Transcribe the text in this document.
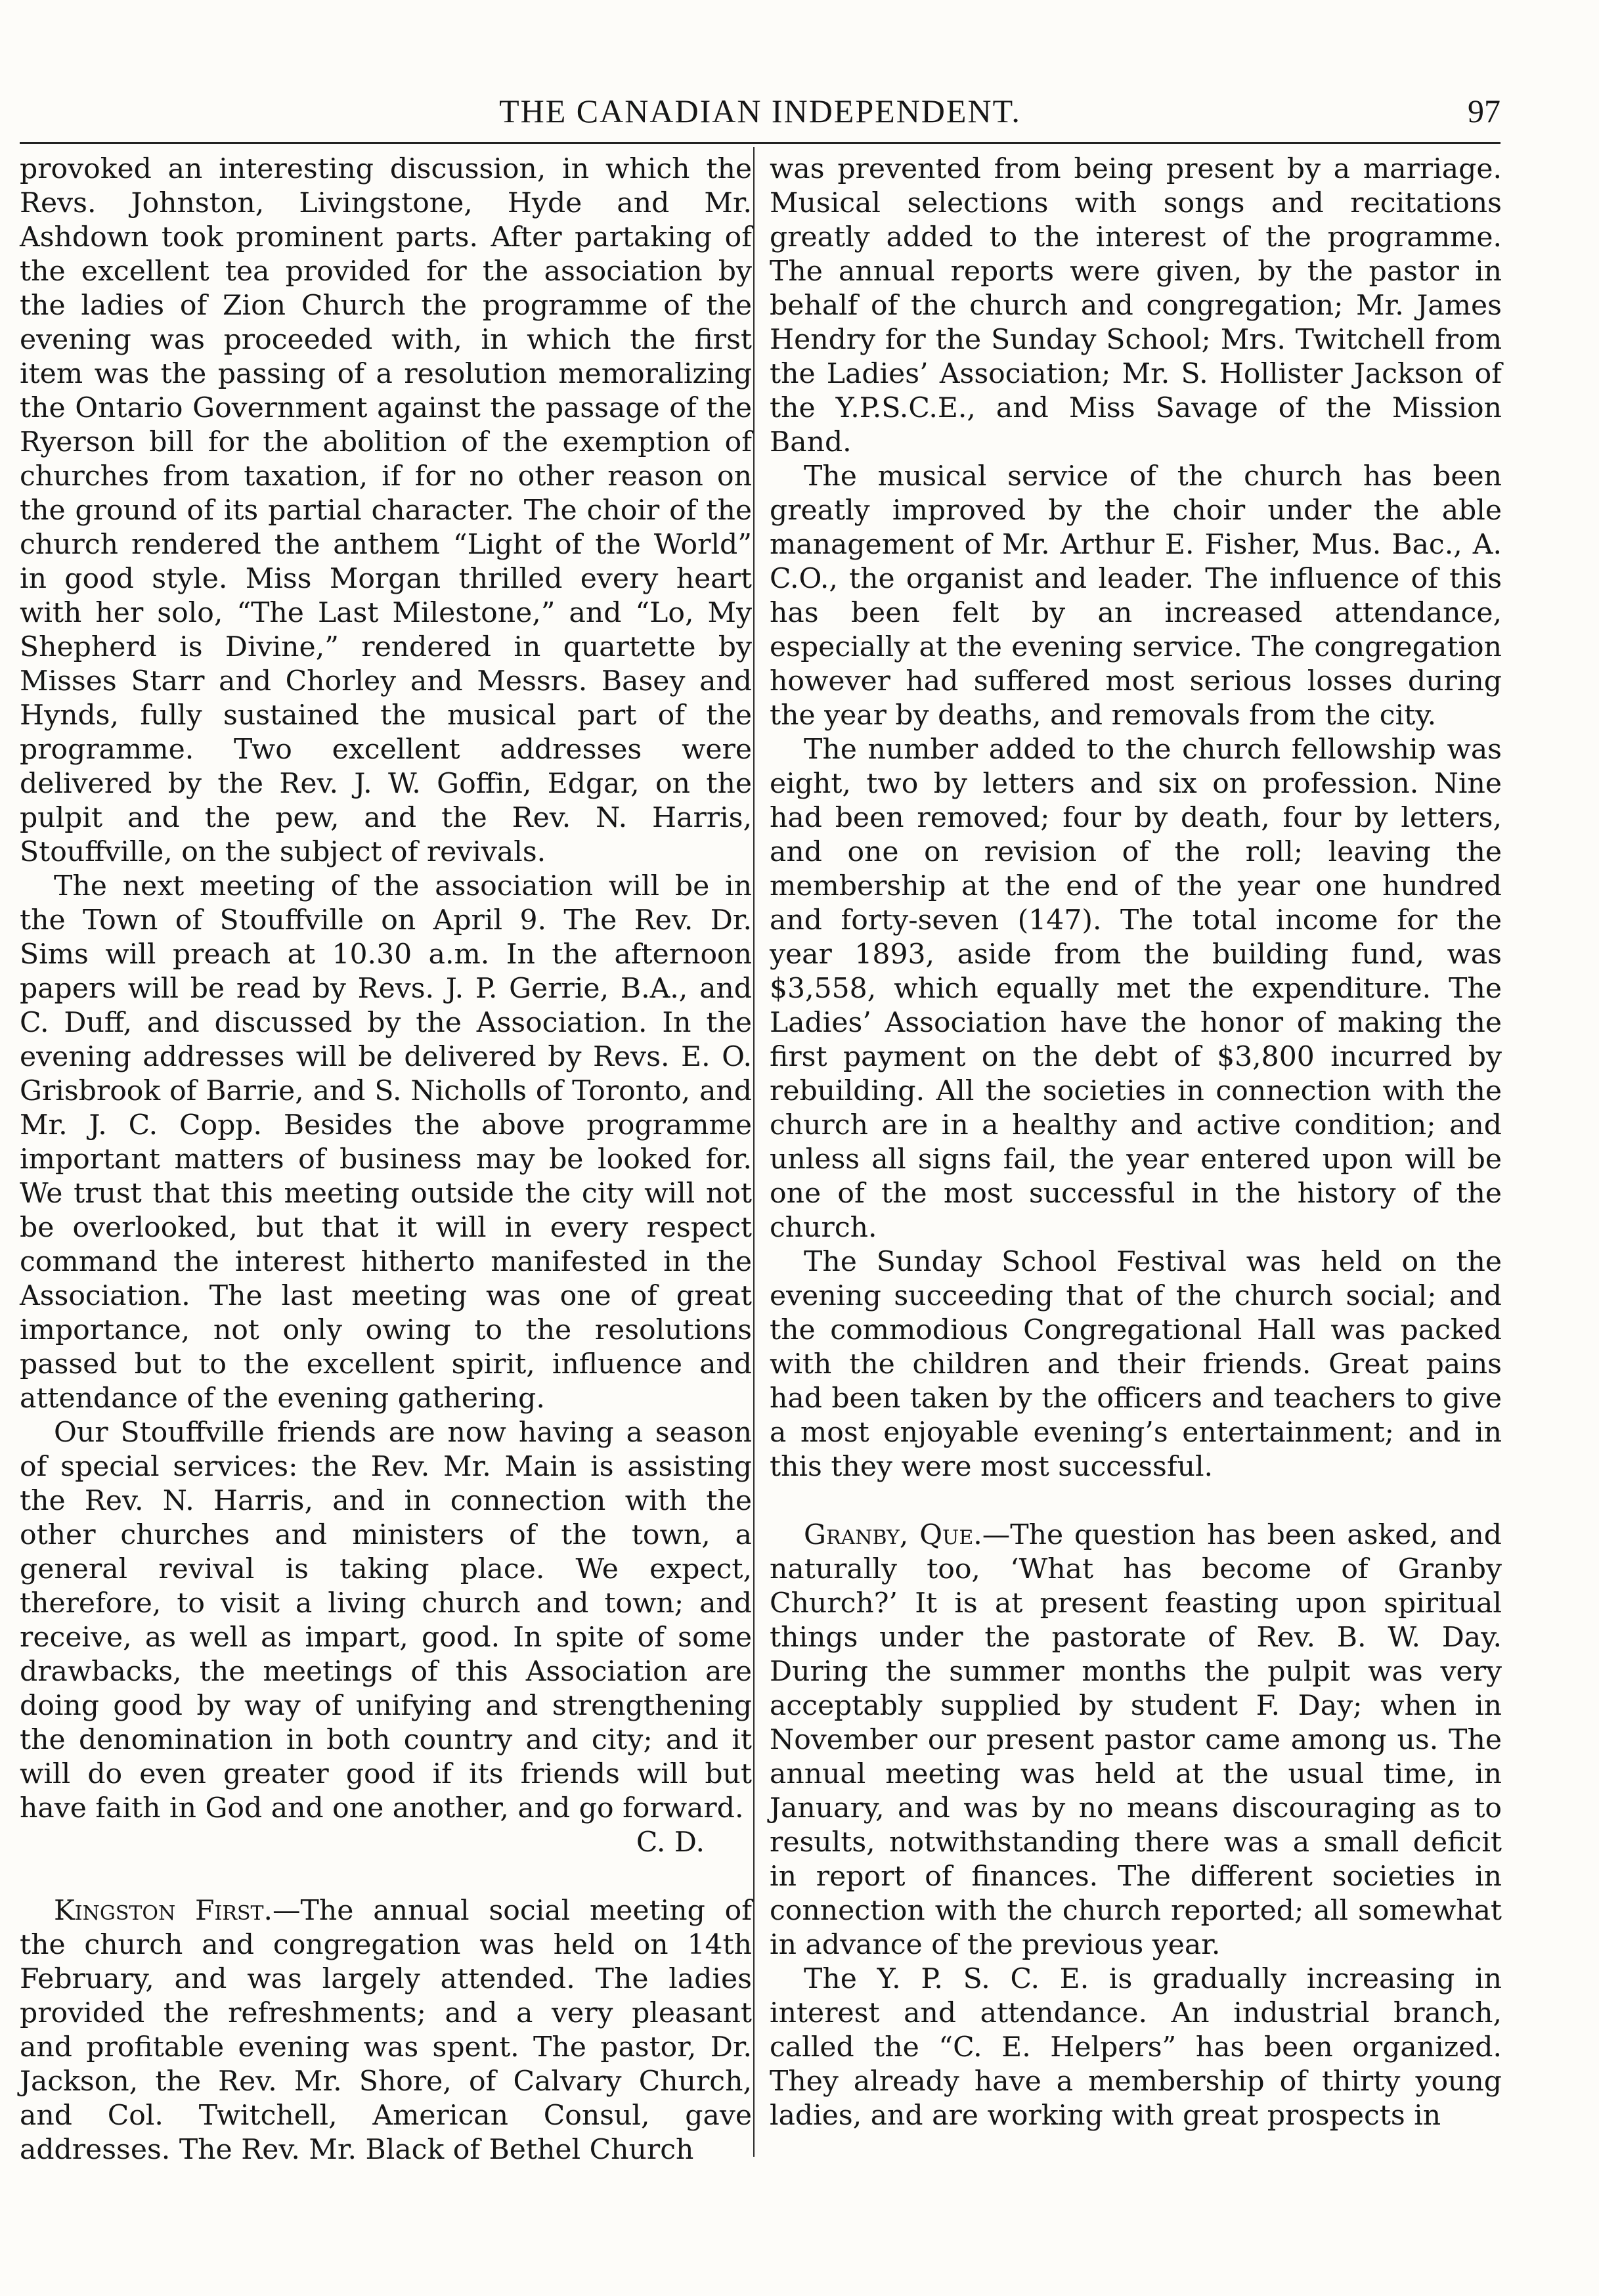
THE CANADIAN INDEPENDENT.	97

provoked an interesting discussion, in which the Revs. Johnston, Livingstone, Hyde and Mr. Ashdown took prominent parts. After partaking of the excellent tea provided for the association by the ladies of Zion Church the programme of the evening was proceeded with, in which the first item was the passing of a resolution memoralizing the Ontario Government against the passage of the Ryerson bill for the abolition of the exemption of churches from taxation, if for no other reason on the ground of its partial character. The choir of the church rendered the anthem “Light of the World” in good style. Miss Morgan thrilled every heart with her solo, “The Last Milestone,” and “Lo, My Shepherd is Divine,” rendered in quartette by Misses Starr and Chorley and Messrs. Basey and Hynds, fully sustained the musical part of the programme. Two excellent addresses were delivered by the Rev. J. W. Goffin, Edgar, on the pulpit and the pew, and the Rev. N. Harris, Stouffville, on the subject of revivals.

The next meeting of the association will be in the Town of Stouffville on April 9. The Rev. Dr. Sims will preach at 10.30 a.m. In the afternoon papers will be read by Revs. J. P. Gerrie, B.A., and C. Duff, and discussed by the Association. In the evening addresses will be delivered by Revs. E. O. Grisbrook of Barrie, and S. Nicholls of Toronto, and Mr. J. C. Copp. Besides the above programme important matters of business may be looked for. We trust that this meeting outside the city will not be overlooked, but that it will in every respect command the interest hitherto manifested in the Association. The last meeting was one of great importance, not only owing to the resolutions passed but to the excellent spirit, influence and attendance of the evening gathering.

Our Stouffville friends are now having a season of special services: the Rev. Mr. Main is assisting the Rev. N. Harris, and in connection with the other churches and ministers of the town, a general revival is taking place. We expect, therefore, to visit a living church and town; and receive, as well as impart, good. In spite of some drawbacks, the meetings of this Association are doing good by way of unifying and strengthening the denomination in both country and city; and it will do even greater good if its friends will but have faith in God and one another, and go forward.

C. D.

Kingston First.—The annual social meeting of the church and congregation was held on 14th February, and was largely attended. The ladies provided the refreshments; and a very pleasant and profitable evening was spent. The pastor, Dr. Jackson, the Rev. Mr. Shore, of Calvary Church, and Col. Twitchell, American Consul, gave addresses. The Rev. Mr. Black of Bethel Church

was prevented from being present by a marriage. Musical selections with songs and recitations greatly added to the interest of the programme. The annual reports were given, by the pastor in behalf of the church and congregation; Mr. James Hendry for the Sunday School; Mrs. Twitchell from the Ladies’ Association; Mr. S. Hollister Jackson of the Y.P.S.C.E., and Miss Savage of the Mission Band.

The musical service of the church has been greatly improved by the choir under the able management of Mr. Arthur E. Fisher, Mus. Bac., A. C.O., the organist and leader. The influence of this has been felt by an increased attendance, especially at the evening service. The congregation however had suffered most serious losses during the year by deaths, and removals from the city.

The number added to the church fellowship was eight, two by letters and six on profession. Nine had been removed; four by death, four by letters, and one on revision of the roll; leaving the membership at the end of the year one hundred and forty-seven (147). The total income for the year 1893, aside from the building fund, was $3,558, which equally met the expenditure. The Ladies’ Association have the honor of making the first payment on the debt of $3,800 incurred by rebuilding. All the societies in connection with the church are in a healthy and active condition; and unless all signs fail, the year entered upon will be one of the most successful in the history of the church.

The Sunday School Festival was held on the evening succeeding that of the church social; and the commodious Congregational Hall was packed with the children and their friends. Great pains had been taken by the officers and teachers to give a most enjoyable evening’s entertainment; and in this they were most successful.

Granby, Que.—The question has been asked, and naturally too, ‘What has become of Granby Church?’ It is at present feasting upon spiritual things under the pastorate of Rev. B. W. Day. During the summer months the pulpit was very acceptably supplied by student F. Day; when in November our present pastor came among us. The annual meeting was held at the usual time, in January, and was by no means discouraging as to results, notwithstanding there was a small deficit in report of finances. The different societies in connection with the church reported; all somewhat in advance of the previous year.

The Y. P. S. C. E. is gradually increasing in interest and attendance. An industrial branch, called the “C. E. Helpers” has been organized. They already have a membership of thirty young ladies, and are working with great prospects in
